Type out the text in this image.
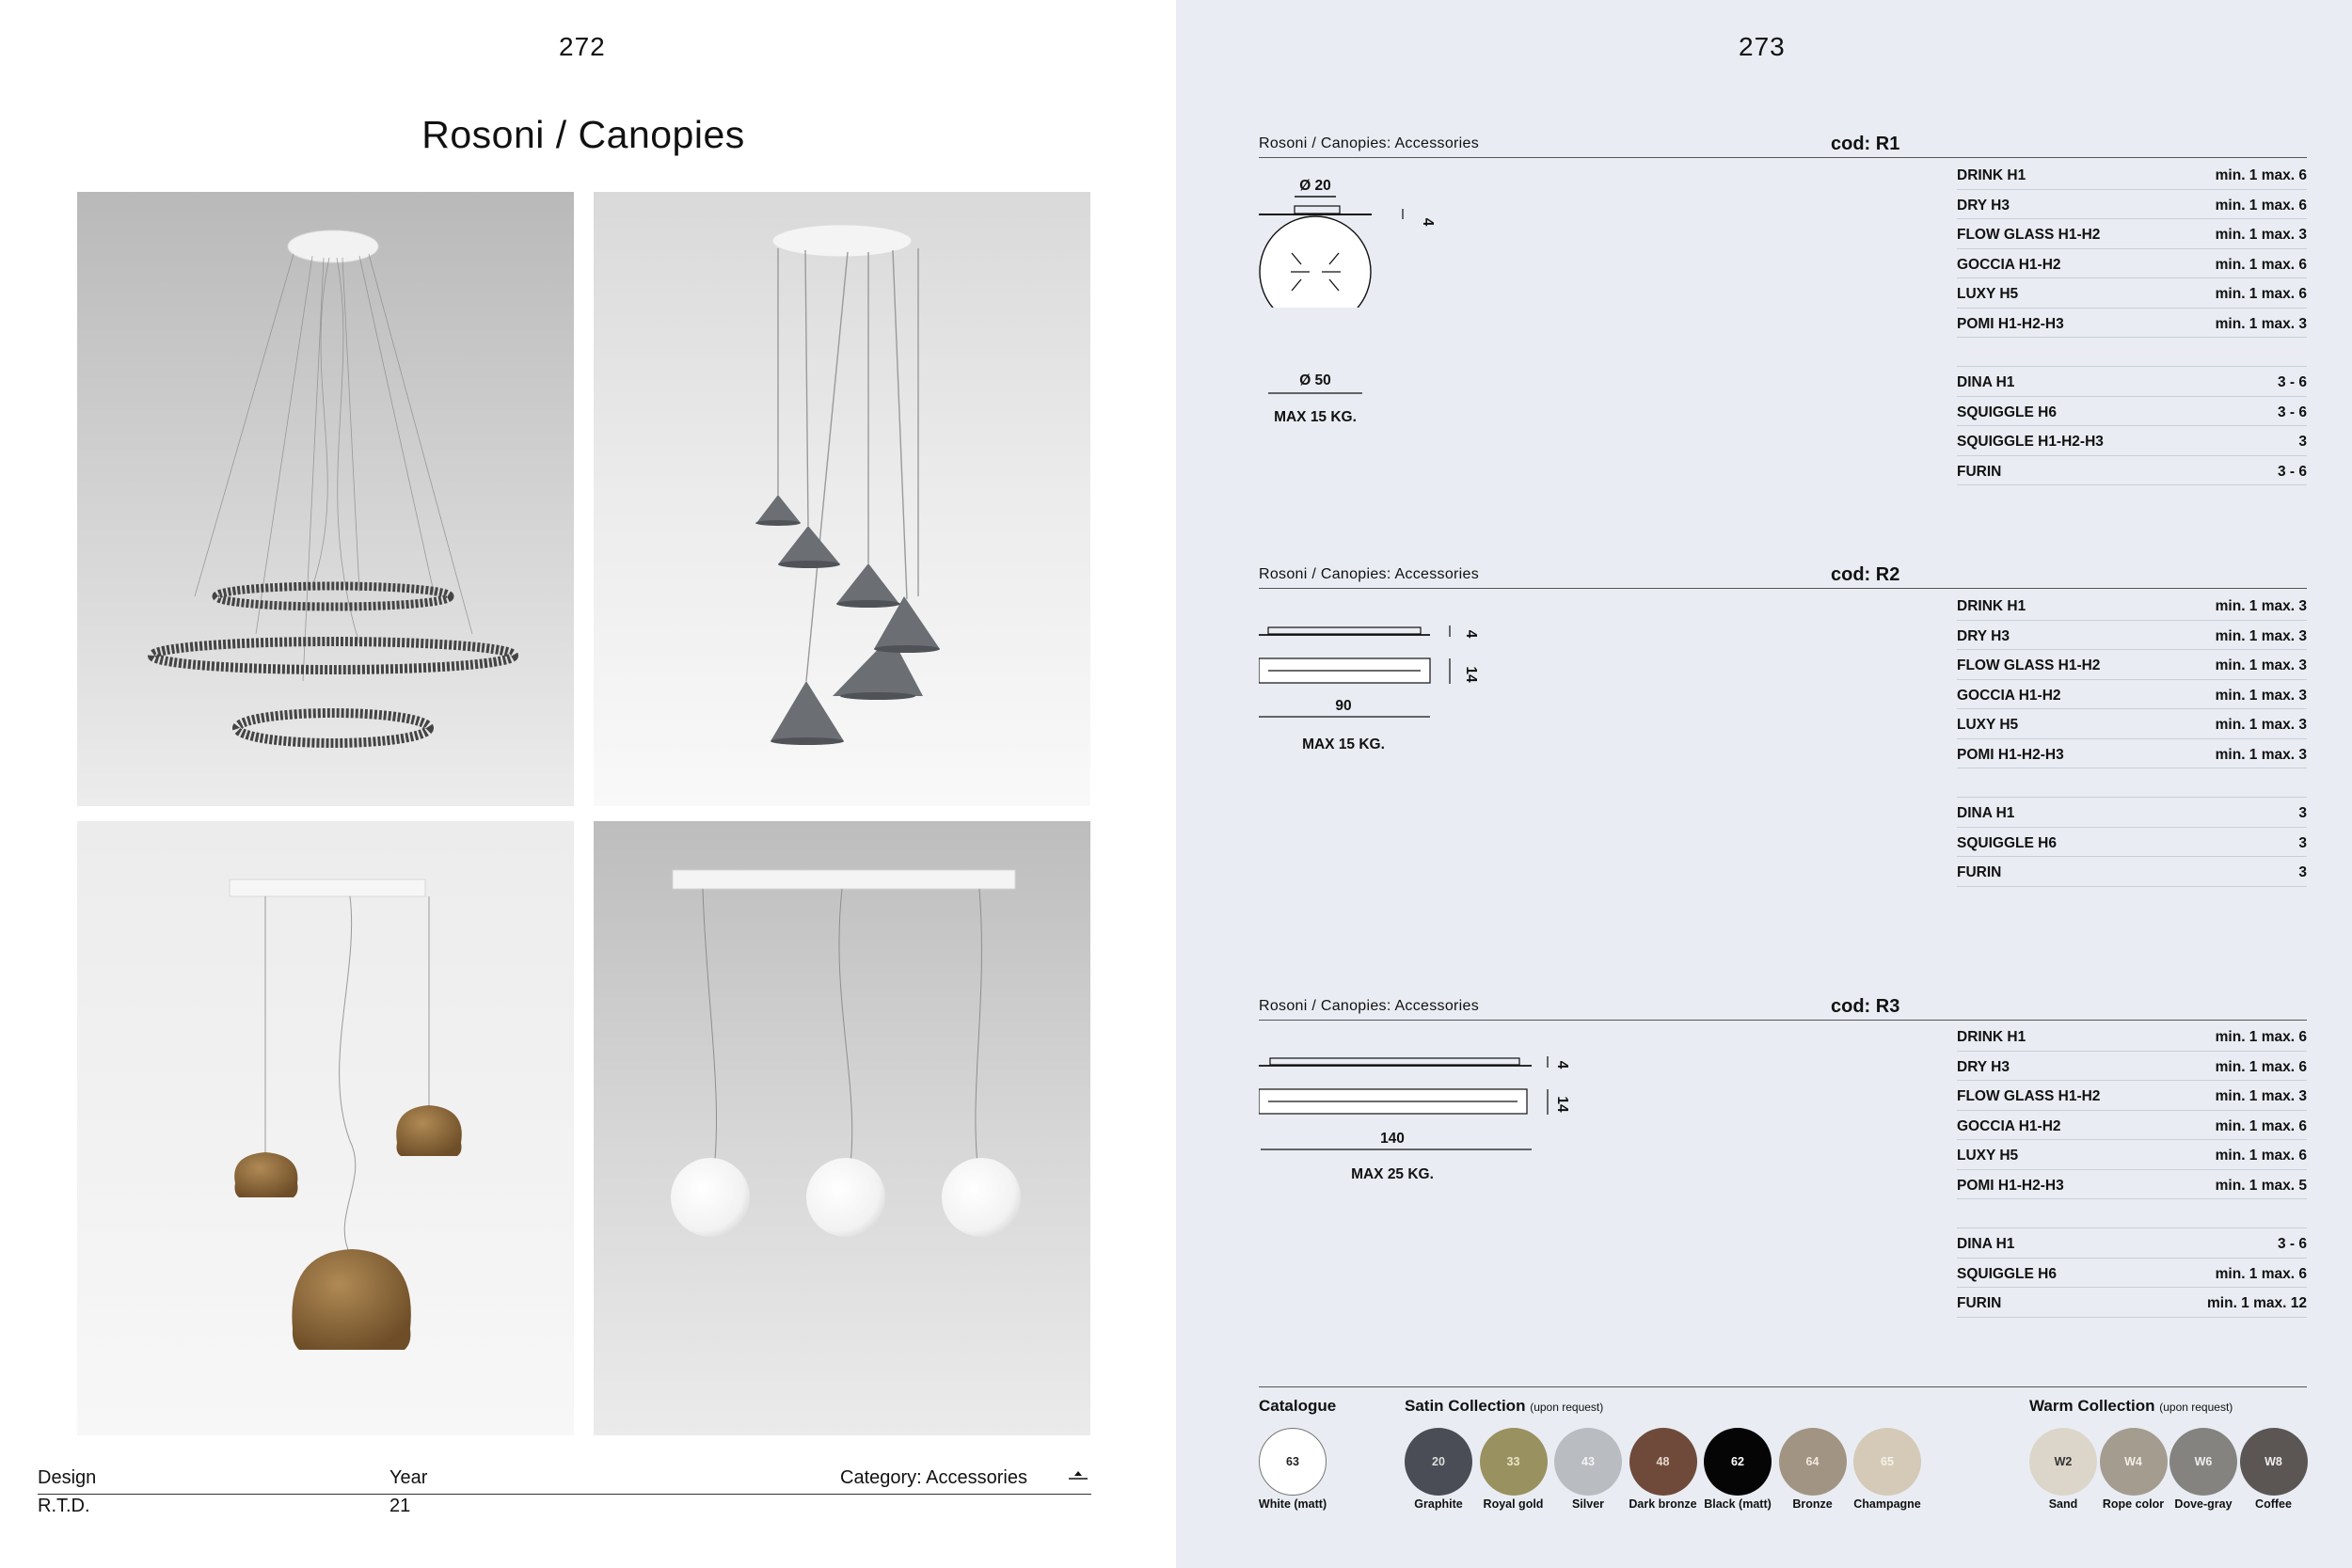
272
Rosoni / Canopies
Design
R.T.D.
Year
21
Category: Accessories
273
Rosoni / Canopies: Accessories	cod: R1
Ø 20
4
Ø 50
MAX 15 KG.
DRINK H1	min. 1 max. 6
DRY H3	min. 1 max. 6
FLOW GLASS H1-H2	min. 1 max. 3
GOCCIA H1-H2	min. 1 max. 6
LUXY H5	min. 1 max. 6
POMI H1-H2-H3	min. 1 max. 3
DINA H1	3 - 6
SQUIGGLE H6	3 - 6
SQUIGGLE H1-H2-H3	3
FURIN	3 - 6
Rosoni / Canopies: Accessories	cod: R2
4
14
90
MAX 15 KG.
DRINK H1	min. 1 max. 3
DRY H3	min. 1 max. 3
FLOW GLASS H1-H2	min. 1 max. 3
GOCCIA H1-H2	min. 1 max. 3
LUXY H5	min. 1 max. 3
POMI H1-H2-H3	min. 1 max. 3
DINA H1	3
SQUIGGLE H6	3
FURIN	3
Rosoni / Canopies: Accessories	cod: R3
4
14
140
MAX 25 KG.
DRINK H1	min. 1 max. 6
DRY H3	min. 1 max. 6
FLOW GLASS H1-H2	min. 1 max. 3
GOCCIA H1-H2	min. 1 max. 6
LUXY H5	min. 1 max. 6
POMI H1-H2-H3	min. 1 max. 5
DINA H1	3 - 6
SQUIGGLE H6	min. 1 max. 6
FURIN	min. 1 max. 12
Catalogue	Satin Collection (upon request)	Warm Collection (upon request)
63
White (matt)
20
Graphite
33
Royal gold
43
Silver
48
Dark bronze
62
Black (matt)
64
Bronze
65
Champagne
W2
Sand
W4
Rope color
W6
Dove-gray
W8
Coffee
